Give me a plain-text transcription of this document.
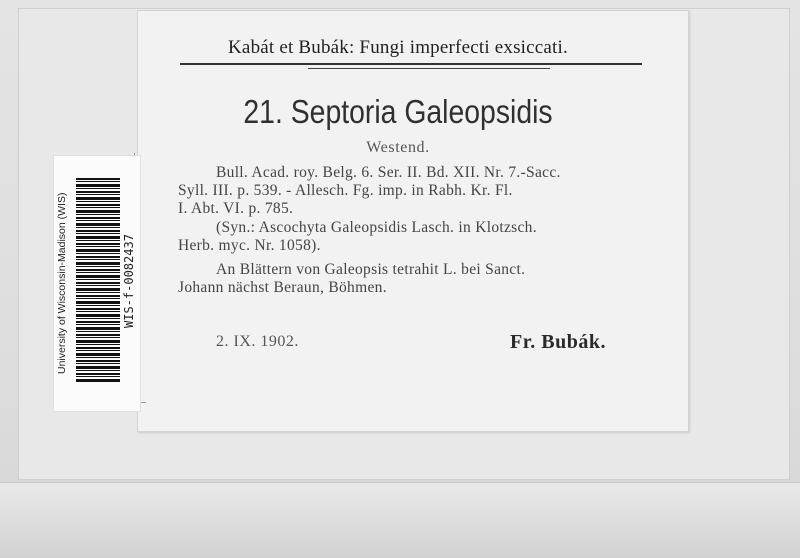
Kabát et Bubák: Fungi imperfecti exsiccati.
21. Septoria Galeopsidis
Westend.
Bull. Acad. roy. Belg. 6. Ser. II. Bd. XII. Nr. 7.-Sacc.
Syll. III. p. 539. - Allesch. Fg. imp. in Rabh. Kr. Fl.
I. Abt. VI. p. 785.
(Syn.: Ascochyta Galeopsidis Lasch. in Klotzsch.
Herb. myc. Nr. 1058).
An Blättern von Galeopsis tetrahit L. bei Sanct.
Johann nächst Beraun, Böhmen.
2. IX. 1902.	Fr. Bubák.
University of Wisconsin-Madison (WIS)	WIS-f-0082437
